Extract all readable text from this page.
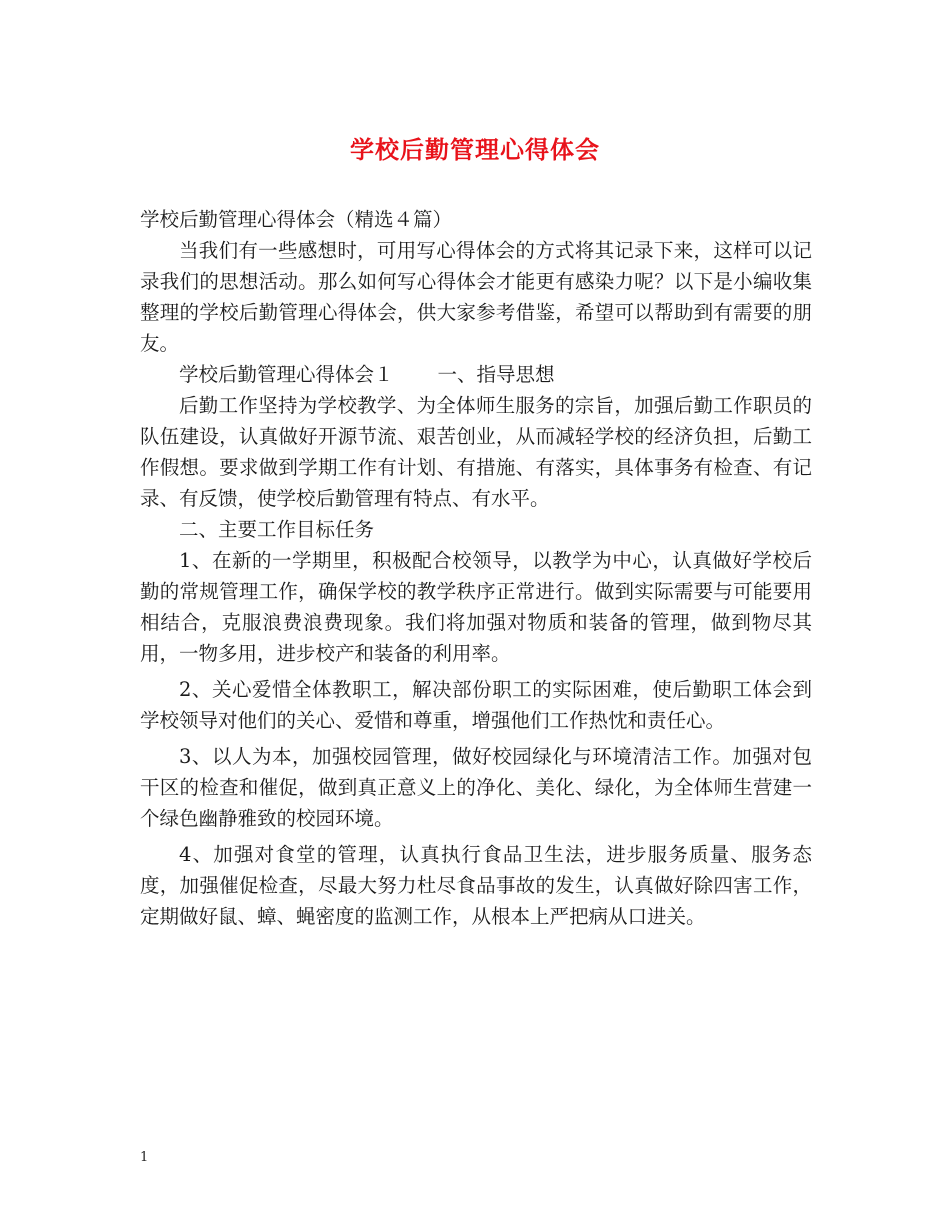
学校后勤管理心得体会

学校后勤管理心得体会（精选４篇）

当我们有一些感想时，可用写心得体会的方式将其记录下来，这样可以记录我们的思想活动。那么如何写心得体会才能更有感染力呢？以下是小编收集整理的学校后勤管理心得体会，供大家参考借鉴，希望可以帮助到有需要的朋友。

学校后勤管理心得体会１ 一、指导思想

后勤工作坚持为学校教学、为全体师生服务的宗旨，加强后勤工作职员的队伍建设，认真做好开源节流、艰苦创业，从而减轻学校的经济负担，后勤工作假想。要求做到学期工作有计划、有措施、有落实，具体事务有检查、有记录、有反馈，使学校后勤管理有特点、有水平。

二、主要工作目标任务

1、在新的一学期里，积极配合校领导，以教学为中心，认真做好学校后勤的常规管理工作，确保学校的教学秩序正常进行。做到实际需要与可能要用相结合，克服浪费浪费现象。我们将加强对物质和装备的管理，做到物尽其用，一物多用，进步校产和装备的利用率。

2、关心爱惜全体教职工，解决部份职工的实际困难，使后勤职工体会到学校领导对他们的关心、爱惜和尊重，增强他们工作热忱和责任心。

3、以人为本，加强校园管理，做好校园绿化与环境清洁工作。加强对包干区的检查和催促，做到真正意义上的净化、美化、绿化，为全体师生营建一个绿色幽静雅致的校园环境。

4、加强对食堂的管理，认真执行食品卫生法，进步服务质量、服务态度，加强催促检查，尽最大努力杜尽食品事故的发生，认真做好除四害工作，定期做好鼠、蟑、蝇密度的监测工作，从根本上严把病从口进关。

1
